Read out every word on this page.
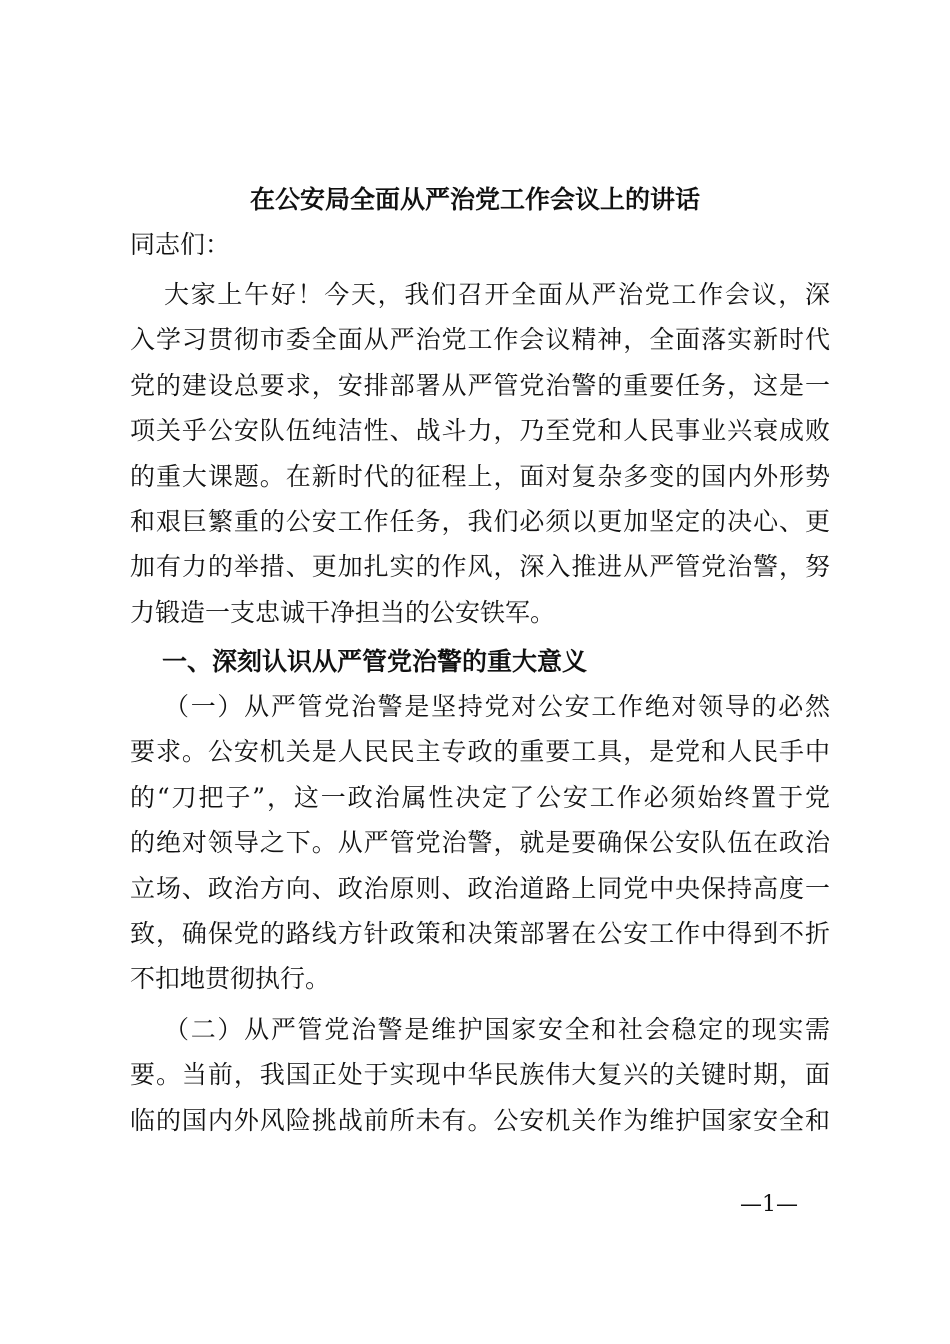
在公安局全面从严治党工作会议上的讲话
同志们：
大家上午好！今天，我们召开全面从严治党工作会议，深
入学习贯彻市委全面从严治党工作会议精神，全面落实新时代
党的建设总要求，安排部署从严管党治警的重要任务，这是一
项关乎公安队伍纯洁性、战斗力，乃至党和人民事业兴衰成败
的重大课题。在新时代的征程上，面对复杂多变的国内外形势
和艰巨繁重的公安工作任务，我们必须以更加坚定的决心、更
加有力的举措、更加扎实的作风，深入推进从严管党治警，努
力锻造一支忠诚干净担当的公安铁军。
一、深刻认识从严管党治警的重大意义
（一）从严管党治警是坚持党对公安工作绝对领导的必然
要求。公安机关是人民民主专政的重要工具，是党和人民手中
的“刀把子”，这一政治属性决定了公安工作必须始终置于党
的绝对领导之下。从严管党治警，就是要确保公安队伍在政治
立场、政治方向、政治原则、政治道路上同党中央保持高度一
致，确保党的路线方针政策和决策部署在公安工作中得到不折
不扣地贯彻执行。
（二）从严管党治警是维护国家安全和社会稳定的现实需
要。当前，我国正处于实现中华民族伟大复兴的关键时期，面
临的国内外风险挑战前所未有。公安机关作为维护国家安全和
—1—
